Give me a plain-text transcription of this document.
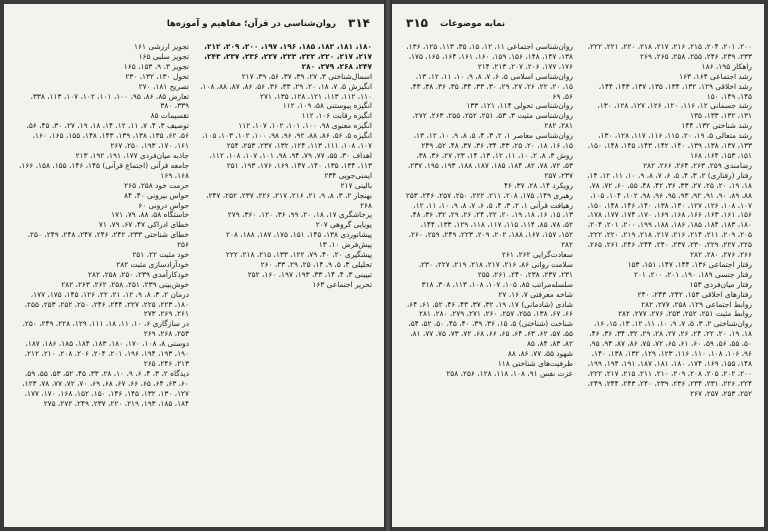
۳۱۴
روان‌شناسی در قرآن؛ مفاهیم و آموزه‌ها
۱۸۰، ۱۸۱، ۱۸۲، ۱۸۵، ۱۹۶، ۱۹۷، ۲۰۰، ۲۰۹، ۲۱۲، ۲۱۷، ۲۱۷، ۲۲۰، ۲۲۲، ۲۲۳، ۲۲۷، ۲۳۶، ۲۳۷، ۲۴۳، ۲۴۷، ۲۶۸، ۲۷۹، ۲۸۰
اسمال‌شناختی ۳، ۲۷، ۳۹، ۳۷، ۵۶، ۳۹، ۲۱۷
انگیزش ۵، ۷، ۱۸، ۲۰، ۲۹، ۳۳، ۳۶، ۵۶، ۸۶، ۸۷، ۸۸، ۱۰۸، ۱۱۰، ۱۱۲، ۱۱۳، ۱۲۱، ۱۲۸، ۱۳۵، ۲۷۱
انگیزه پیوستنی ۵۸، ۱۰۹، ۱۱۲
انگیزه رقابت ۱۰۶، ۱۱۲
انگیزه معنوی ۹۸، ۱۰۰، ۱۰۱، ۱۰۲، ۱۰۷، ۱۱۲
انگیزه ۵، ۵۶، ۸۶، ۸۸، ۹۲، ۹۶، ۹۸، ۱۰۰، ۱۰۲، ۱۰۳، ۱۰۵، ۱۰۷، ۱۰۸، ۱۱۱، ۱۱۳، ۱۲۴، ۱۳۲، ۲۳۷، ۲۵۳، ۲۵۴
اهداف ۳۰، ۵۵، ۷۷، ۷۹، ۹۴، ۹۸، ۱۰۱، ۱۰۷، ۱۰۸، ۱۱۲، ۱۱۳، ۱۳۴، ۱۳۵، ۱۴۰، ۱۴۷، ۱۶۹، ۱۷۶، ۱۹۳، ۲۵۱
ایمنی‌جویی ۲۳۴
بالینی ۲۱۷
بهنجار ۲، ۳، ۸، ۹، ۲۱، ۲۱۶، ۲۱۷، ۲۲۶، ۲۳۷، ۲۵۲، ۲۴۷، ۲۶۸
پرخاشگری ۱۷، ۱۸، ۲۰، ۹۹، ۳۶، ۱۲۰، ۳۶۰، ۲۷۹
پویایی گروهی ۲۰۷
پیشانوردی ۱۳۸، ۱۴۵، ۱۵۱، ۱۷۵، ۱۸۷، ۱۸۸، ۲۰۸
پیش‌فرض ۱۰، ۱۳
پیشگیری ۲۰، ۴۰، ۷۹، ۱۲۲، ۱۳۳، ۲۱۵، ۲۱۸، ۲۲۲
تحلیلی ۳، ۵، ۹، ۱۴، ۲۵، ۲۹، ۳۳، ۲۶۰
تبیینی ۳، ۴، ۱۴، ۳۳، ۱۹۳، ۱۹۷، ۱۶۰، ۲۵۲
تحریر اجتماعی ۱۶۳
تجویز ارزشی ۱۶۱
تجویز سلبی ۱۶۵
تجویز ۳، ۹، ۱۵۳، ۱۶۵
تحول ۱۳۰، ۱۳۲، ۲۳۰
تصریح ۱۸۱، ۲۷۰
تعارض ۸۵، ۸۶، ۹۵، ۱۰۰، ۱۰۱، ۱۰۲، ۱۰۷، ۱۱۳، ۳۳۸، ۳۳۹، ۳۸۰
تقسیمات ۸۵
توصیف ۳، ۴، ۷، ۱۱، ۱۲، ۱۴، ۱۸، ۱۹، ۲۷، ۳۰، ۴۵، ۵۶، ۵۶، ۶۲، ۱۳۵، ۱۳۸، ۱۳۹، ۱۴۳، ۱۴۸، ۱۵۵، ۱۶۵، ۱۶۰، ۱۶۱، ۱۷۰، ۱۹۳، ۲۵۰، ۲۶۷
جاذبه میان‌فردی ۱۷۷، ۱۹۱، ۱۹۲، ۲۱۳
جامعه قرآنی (اجتماع قرآنی) ۱۴۵، ۱۴۶، ۱۵۵، ۱۵۸، ۱۶۶، ۱۶۸، ۱۶۹
حرمت خود ۲۵۸، ۲۶۵
حواس بیرونی ۴۰، ۸۴
حواس درونی ۶۰
خاستگاه ۵۸، ۸۸، ۷۹، ۱۷۱
خطای ادراکی ۴۷، ۶۷، ۷۹، ۷۱
خطای شناختی ۲۳۳، ۲۴۲، ۲۴۶، ۲۴۷، ۲۴۸، ۲۴۹، ۲۵۰، ۲۵۶
خود مثبت ۲۲، ۲۵۱
خودآزادسازی مثبت ۲۸۲
خودکارآمدی ۲۳۹، ۲۵۰، ۲۵۸، ۲۸۲
خوش‌بینی ۲۳۹، ۲۵۱، ۲۵۸، ۲۶۲، ۲۶۳، ۲۸۲
درمان ۲، ۳، ۸، ۹، ۱۲، ۲۱، ۲۲، ۱۲۶، ۱۴۵، ۱۷۵، ۱۷۷، ۱۸۰، ۲۲۳، ۲۲۵، ۲۲۷، ۲۴۴، ۲۴۶، ۲۵۰، ۲۵۲، ۲۵۳، ۲۵۵، ۲۶۱، ۲۶۹، ۲۷۳
در سازگاری ۶، ۱۰، ۱۱، ۱۸، ۱۱۱، ۱۲۹، ۲۲۸، ۲۴۹، ۲۵۰، ۲۵۳، ۲۶۸، ۲۶۹
دوستی ۸، ۱۰۸، ۱۷۰، ۱۸۰، ۱۸۳، ۱۸۴، ۱۸۵، ۱۸۶، ۱۸۷، ۱۹۰، ۱۹۳، ۱۹۴، ۱۹۶، ۲۰۱، ۲۰۴، ۲۰۶، ۲۰۸، ۲۱۰، ۲۱۲، ۲۱۳، ۲۴۶، ۲۶۵
دیدگاه ۲، ۳، ۴، ۶، ۹، ۱۰، ۲۸، ۳۳، ۴۵، ۵۲، ۵۳، ۵۵، ۵۹، ۶۰، ۶۳، ۶۴، ۶۵، ۶۶، ۶۷، ۶۸، ۶۹، ۷۰، ۷۲، ۷۷، ۷۸، ۱۲۳، ۱۲۷، ۱۳۰، ۱۳۲، ۱۴۵، ۱۴۶، ۱۵۰، ۱۵۲، ۱۶۸، ۱۷۰، ۱۷۷، ۱۸۴، ۱۸۵، ۱۹۳، ۲۱۹، ۲۲۰، ۲۳۷، ۲۴۹، ۲۷۲، ۲۷۵
۳۱۵ نمایه موضوعات
۲۰۰، ۲۰۱، ۲۰۴، ۲۱۵، ۲۱۶، ۲۱۷، ۲۱۸، ۲۲۰، ۲۲۱، ۲۲۲، ۲۳۳، ۲۳۹، ۲۴۶، ۲۵۵، ۲۵۸، ۲۶۵، ۲۶۹
راهکار ۱۹۵، ۱۸۶
رشد اجتماعی ۱۶۴، ۱۶۳
رشد اخلاقی ۱۲۹، ۱۳۲، ۱۳۴، ۱۳۵، ۱۳۷، ۱۴۳، ۱۴۴، ۱۴۵، ۱۴۹، ۱۵۰
رشد جسمانی ۱۲، ۱۱۶، ۱۲۰، ۱۲۶، ۱۲۷، ۱۲۸، ۱۳۰، ۱۳۱، ۱۳۲، ۱۳۳، ۱۳۵
رشد شناختی ۱۳۲، ۱۴۴
رشد متعالی ۵، ۱۹، ۲۰، ۱۱۵، ۱۱۶، ۱۱۷، ۱۲۸، ۱۳۰، ۱۳۳، ۱۳۷، ۱۳۸، ۱۳۹، ۱۴۰، ۱۴۲، ۱۴۳، ۱۴۵، ۱۴۸، ۱۵۰، ۱۵۱، ۱۵۳، ۱۶۴، ۱۶۸
رضامندی ۲۵۹، ۲۶۳، ۲۶۴، ۲۶۶، ۲۸۲
رفتار (رفتاری) ۲، ۳، ۴، ۵، ۶، ۷، ۸، ۹، ۱۰، ۱۱، ۱۲، ۱۴، ۱۸، ۱۹، ۲۰، ۲۵، ۲۷، ۳۳، ۳۶، ۴۲، ۴۸، ۵۵، ۶۰، ۷۲، ۷۸، ۸۸، ۸۹، ۹۰، ۹۱، ۹۲، ۹۳، ۹۵، ۹۶، ۹۸، ۱۰۲، ۱۰۴، ۱۰۵، ۱۰۷، ۱۰۸، ۱۲۶، ۱۲۷، ۱۳۰، ۱۳۸، ۱۴۰، ۱۴۶، ۱۴۸، ۱۵۰، ۱۵۶، ۱۶۱، ۱۶۳، ۱۶۶، ۱۶۸، ۱۶۹، ۱۷۰، ۱۷۴، ۱۷۷، ۱۷۸، ۱۸۰، ۱۸۳، ۱۸۴، ۱۸۵، ۱۸۶، ۱۸۸، ۱۹۹، ۲۰۰، ۲۰۱، ۲۰۴، ۲۰۵، ۲۰۹، ۲۱۱، ۲۱۴، ۲۱۶، ۲۱۷، ۲۱۸، ۲۱۹، ۲۲۰، ۲۲۲، ۲۲۵، ۲۲۷، ۲۲۹، ۲۳۰، ۲۳۷، ۲۴۰، ۲۴۴، ۲۴۶، ۲۶۱، ۲۶۵، ۲۶۶، ۲۷۶، ۲۸۰، ۲۸۲
رفتار اجتماعی ۱۳۶، ۱۴۴، ۱۴۷، ۱۵۱، ۱۵۳
رفتار جنسی ۱۸۹، ۱۹۰، ۲۰۱، ۲۰۰، ۲۰۱
رفتار میان‌فردی ۱۵۳
رفتارهای اخلاقی ۱۵۳، ۲۴۲، ۲۴۳، ۲۴۰
روابط اجتماعی ۱۲۹، ۲۵۸، ۲۷۷، ۲۸۲
روابط مثبت ۲۵۱، ۲۵۲، ۲۵۳، ۲۷۶، ۲۷۷، ۲۸۲
روان‌شناختی ۲، ۳، ۵، ۷، ۹، ۱۰، ۱۱، ۱۲، ۱۳، ۱۵، ۱۶، ۱۸، ۱۹، ۲۰، ۲۲، ۲۴، ۲۶، ۲۷، ۲۸، ۲۹، ۳۲، ۳۴، ۳۶، ۴۶، ۵۰، ۵۵، ۵۶، ۵۹، ۶۰، ۶۱، ۶۵، ۷۲، ۷۵، ۸۶، ۸۷، ۹۴، ۹۵، ۹۶، ۱۰۶، ۱۰۸، ۱۱۰، ۱۱۶، ۱۲۳، ۱۲۹، ۱۳۲، ۱۳۸، ۱۴۰، ۱۴۸، ۱۵۵، ۱۶۹، ۱۷۴، ۱۸۰، ۱۸۱، ۱۸۷، ۱۹۱، ۱۹۴، ۱۹۹، ۲۰۰، ۲۰۲، ۲۰۵، ۲۰۸، ۲۰۹، ۲۱۰، ۲۱۱، ۲۱۵، ۲۱۷، ۲۲۲، ۲۲۴، ۲۲۶، ۲۳۱، ۲۳۴، ۲۳۶، ۲۳۹، ۲۴۰، ۲۴۳، ۲۴۴، ۲۴۹، ۲۵۲، ۲۵۳، ۲۵۷، ۲۶۷
روان‌شناسی اجتماعی ۱۱، ۱۲، ۱۵، ۳۵، ۱۱۳، ۱۲۵، ۱۳۶، ۱۳۸، ۱۴۷، ۱۴۸، ۱۵۶، ۱۵۹، ۱۶۰، ۱۶۱، ۱۶۴، ۱۶۵، ۱۷۵، ۱۷۶، ۱۷۷، ۲۰۶، ۲۰۷، ۲۱۳، ۲۱۴
روان‌شناسی اسلامی ۵، ۶، ۷، ۸، ۹، ۱۰، ۱۱، ۱۲، ۱۳، ۱۵، ۲۰، ۲۲، ۲۶، ۲۷، ۲۹، ۳۰، ۳۳، ۳۴، ۳۵، ۳۶، ۳۸، ۴۳، ۵۶، ۶۹
روان‌شناسی تحولی ۱۱۴، ۱۲۱، ۱۳۳
روان‌شناسی مثبت ۳، ۵۳، ۲۵۱، ۲۵۲، ۲۵۵، ۲۶۳، ۲۷۲، ۲۸۱، ۲۸۲
روان‌شناسی معاصر ۱، ۲، ۳، ۴، ۵، ۸، ۹، ۱۰، ۱۲، ۱۳، ۱۵، ۱۶، ۱۸، ۲۰، ۲۵، ۳۳، ۳۴، ۳۶، ۳۷، ۴۸، ۵۲، ۲۴۹
روش ۳، ۸، ۲، ۱۰، ۱۱، ۱۲، ۱۳، ۱۴، ۲۳، ۲۷، ۳۶، ۳۸، ۵۳، ۷۲، ۷۸، ۸۲، ۱۸۴، ۱۸۵، ۱۸۷، ۱۸۸، ۱۹۳، ۱۹۵، ۲۳۷، ۲۳۷، ۲۵۷
رویکرد ۱۴، ۲۸، ۳۷، ۴۶
رهبری ۱۴۹، ۱۷۵، ۲۰۸، ۲۱۱، ۲۲۲، ۲۵۰، ۲۵۷، ۲۴۶، ۲۵۳
رهیافت قرآنی ۱، ۲، ۳، ۴، ۵، ۶، ۷، ۸، ۹، ۱۰، ۱۱، ۱۲، ۱۳، ۱۵، ۱۶، ۱۸، ۱۹، ۲۰، ۲۲، ۲۴، ۲۶، ۲۹، ۳۲، ۳۶، ۴۸، ۵۲، ۷۸، ۸۵، ۱۱۴، ۱۱۵، ۱۱۷، ۱۱۸، ۱۲۹، ۱۳۳، ۱۴۴، ۱۵۲، ۱۵۷، ۱۶۷، ۱۸۸، ۲۰۲، ۲۰۹، ۲۲۳، ۲۴۹، ۲۵۹، ۲۶۰، ۲۸۲
سعادت‌گرایی ۲۶۲، ۲۶۱
سلامت روانی ۸۶، ۲۱۶، ۲۱۷، ۲۱۸، ۲۱۹، ۲۲۷، ۲۳۰، ۲۳۱، ۲۳۷، ۲۳۸، ۲۴۰، ۲۶۱، ۲۵۵
سلسله‌مراتب ۸۵، ۱۰۵، ۱۰۷، ۱۰۸، ۱۱۳، ۳۰۸، ۳۱۸
شاخه معرفتی ۷، ۱۶، ۲۷
شادی (شادمانی) ۱۷، ۱۹، ۳۲، ۳۷، ۴۳، ۴۶، ۵۲، ۶۱، ۶۴، ۶۶، ۶۷، ۱۳۸، ۲۵۵، ۲۵۷، ۲۶۰، ۲۷۱، ۲۷۹، ۲۸۰، ۲۸۱
شناخت (شناختی) ۵، ۱۵، ۳۶، ۳۹، ۴۰، ۴۵، ۵۰، ۵۲، ۵۴، ۵۵، ۵۷، ۶۲، ۶۳، ۶۴، ۶۵، ۶۶، ۶۸، ۷۲، ۷۳، ۷۵، ۷۷، ۸۱، ۸۲، ۸۳، ۸۴، ۸۵
شهود ۵۵، ۷۷، ۸۶، ۸۸
ظرفیت‌های شناختی ۱۱۸
عزت نفس ۹۱، ۱۰۸، ۱۱۸، ۱۲۸، ۲۵۶، ۲۵۸
